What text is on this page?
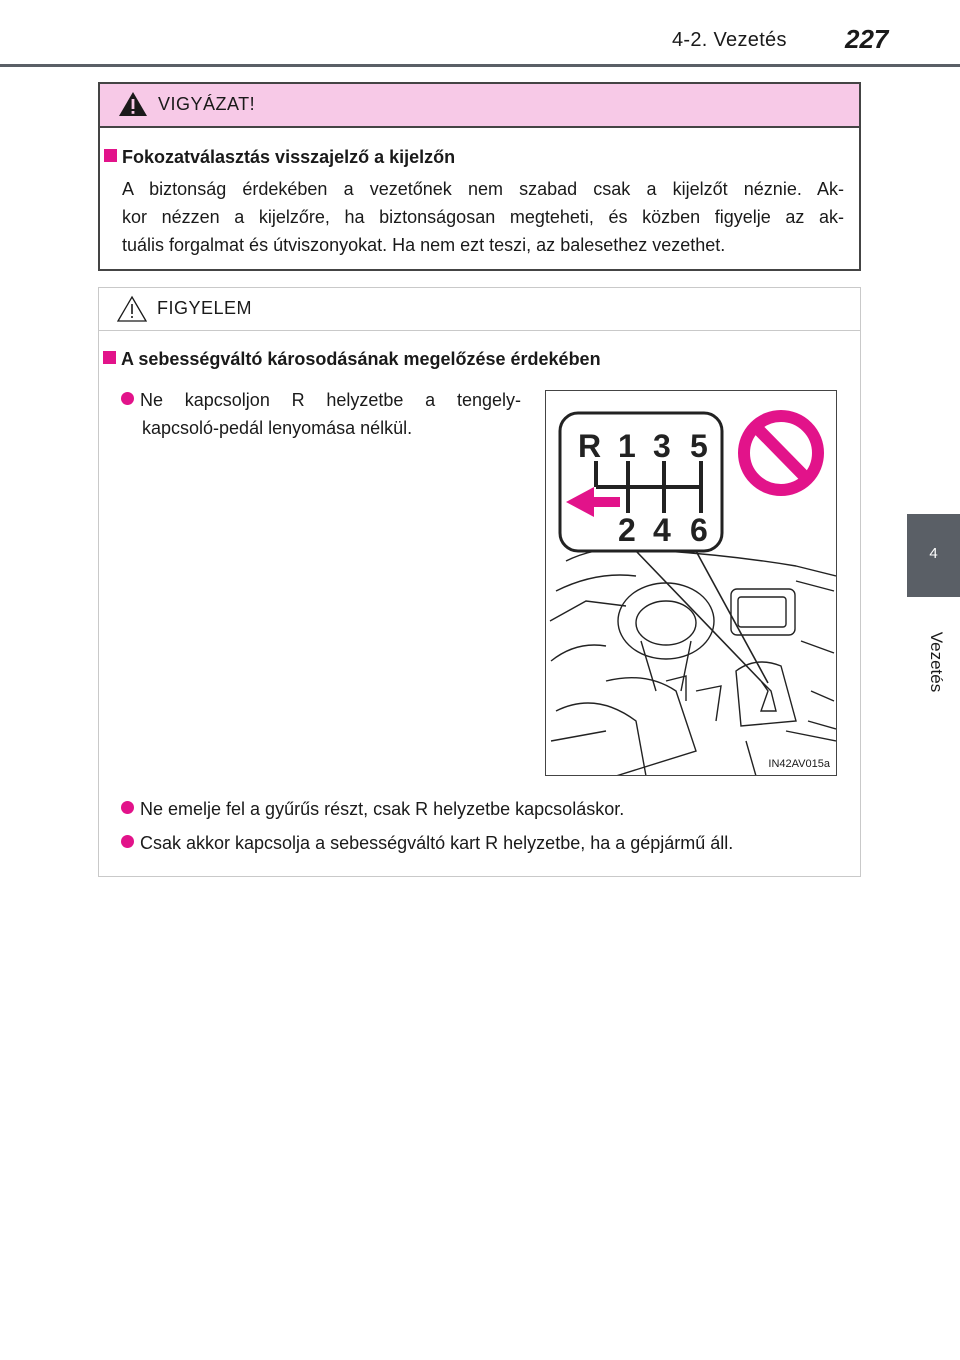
4-2. Vezetés 227
4
Vezetés
VIGYÁZAT!
Fokozatválasztás visszajelző a kijelzőn
A biztonság érdekében a vezetőnek nem szabad csak a kijelzőt néznie. Ak-
kor nézzen a kijelzőre, ha biztonságosan megteheti, és közben figyelje az ak-
tuális forgalmat és útviszonyokat. Ha nem ezt teszi, az balesethez vezethet.
FIGYELEM
A sebességváltó károsodásának megelőzése érdekében
Ne kapcsoljon R helyzetbe a tengely-
kapcsoló-pedál lenyomása nélkül.	R 1 3 5
2 4 6
IN42AV015a
Ne emelje fel a gyűrűs részt, csak R helyzetbe kapcsoláskor.
Csak akkor kapcsolja a sebességváltó kart R helyzetbe, ha a gépjármű áll.
